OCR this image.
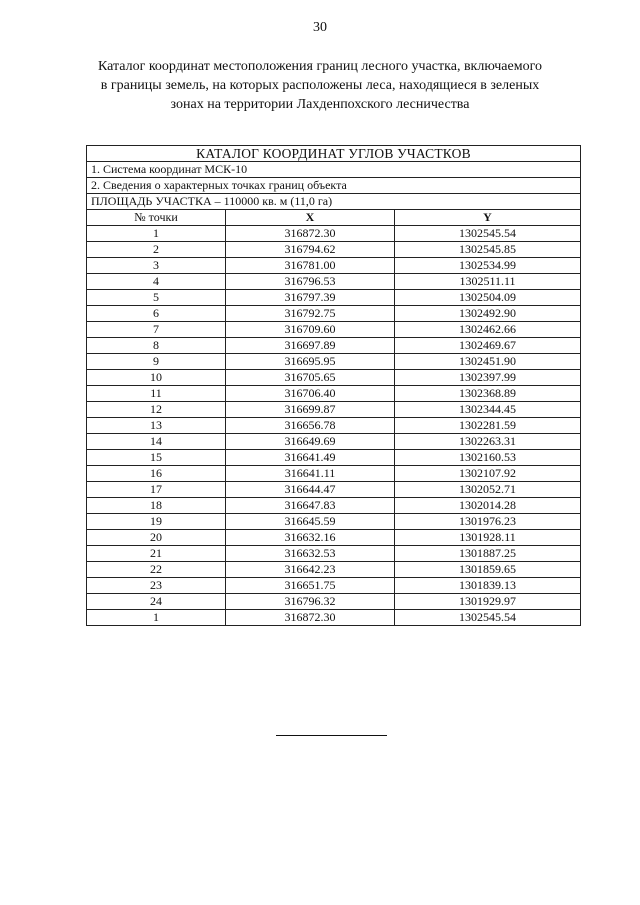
30
Каталог координат местоположения границ лесного участка, включаемого
в границы земель, на которых расположены леса, находящиеся в зеленых
зонах на территории Лахденпохского лесничества
КАТАЛОГ КООРДИНАТ УГЛОВ УЧАСТКОВ		
1. Система координат МСК-10		
2. Сведения о характерных точках границ объекта		
ПЛОЩАДЬ УЧАСТКА – 110000 кв. м (11,0 га)		
№ точки	X	Y
1	316872.30	1302545.54
2	316794.62	1302545.85
3	316781.00	1302534.99
4	316796.53	1302511.11
5	316797.39	1302504.09
6	316792.75	1302492.90
7	316709.60	1302462.66
8	316697.89	1302469.67
9	316695.95	1302451.90
10	316705.65	1302397.99
11	316706.40	1302368.89
12	316699.87	1302344.45
13	316656.78	1302281.59
14	316649.69	1302263.31
15	316641.49	1302160.53
16	316641.11	1302107.92
17	316644.47	1302052.71
18	316647.83	1302014.28
19	316645.59	1301976.23
20	316632.16	1301928.11
21	316632.53	1301887.25
22	316642.23	1301859.65
23	316651.75	1301839.13
24	316796.32	1301929.97
1	316872.30	1302545.54
